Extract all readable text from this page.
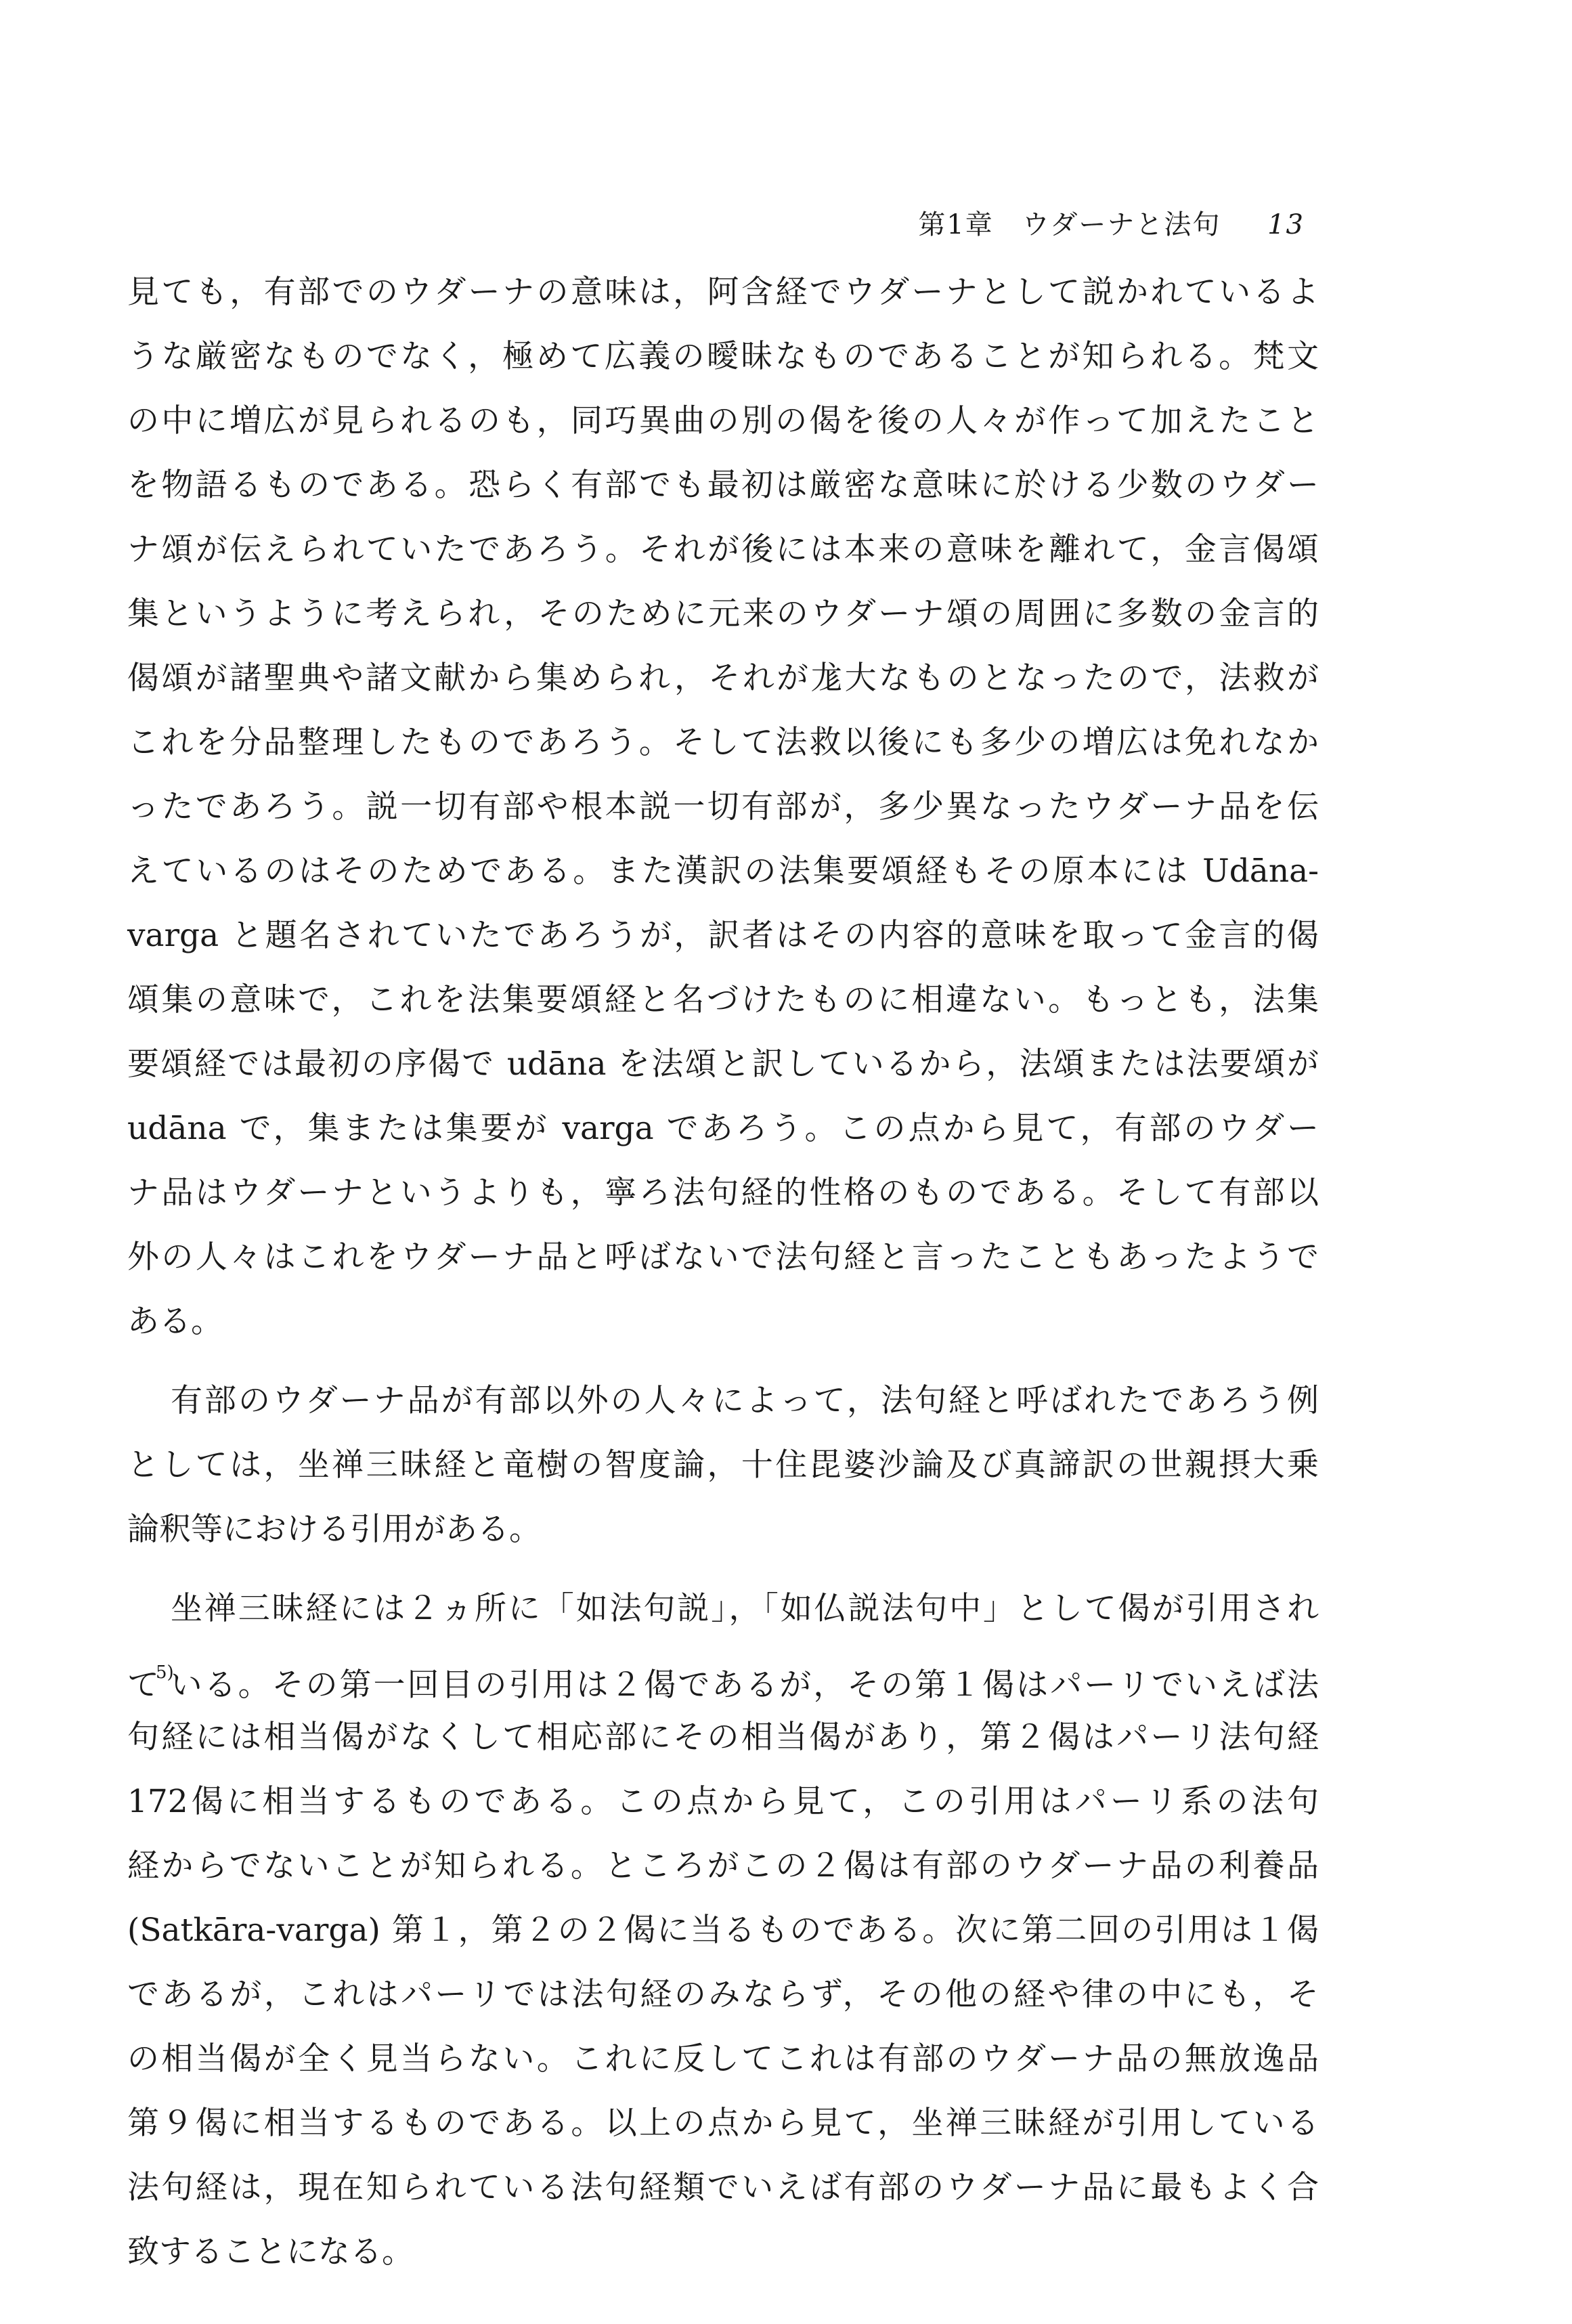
第1章　ウダーナと法句 13
見ても，有部でのウダーナの意味は，阿含経でウダーナとして説かれているよ
うな厳密なものでなく，極めて広義の曖昧なものであることが知られる。梵文
の中に増広が見られるのも，同巧異曲の別の偈を後の人々が作って加えたこと
を物語るものである。恐らく有部でも最初は厳密な意味に於ける少数のウダー
ナ頌が伝えられていたであろう。それが後には本来の意味を離れて，金言偈頌
集というように考えられ，そのために元来のウダーナ頌の周囲に多数の金言的
偈頌が諸聖典や諸文献から集められ，それが尨大なものとなったので，法救が
これを分品整理したものであろう。そして法救以後にも多少の増広は免れなか
ったであろう。説一切有部や根本説一切有部が，多少異なったウダーナ品を伝
えているのはそのためである。また漢訳の法集要頌経もその原本には Udāna-
varga と題名されていたであろうが，訳者はその内容的意味を取って金言的偈
頌集の意味で，これを法集要頌経と名づけたものに相違ない。もっとも，法集
要頌経では最初の序偈で udāna を法頌と訳しているから，法頌または法要頌が
udāna で，集または集要が varga であろう。この点から見て，有部のウダー
ナ品はウダーナというよりも，寧ろ法句経的性格のものである。そして有部以
外の人々はこれをウダーナ品と呼ばないで法句経と言ったこともあったようで
ある。
有部のウダーナ品が有部以外の人々によって，法句経と呼ばれたであろう例
としては，坐禅三昧経と竜樹の智度論，十住毘婆沙論及び真諦訳の世親摂大乗
論釈等における引用がある。
坐禅三昧経には２ヵ所に「如法句説」，「如仏説法句中」として偈が引用され
て$^{5)}$いる。その第一回目の引用は２偈であるが，その第１偈はパーリでいえば法
句経には相当偈がなくして相応部にその相当偈があり，第２偈はパーリ法句経
172偈に相当するものである。この点から見て，この引用はパーリ系の法句
経からでないことが知られる。ところがこの２偈は有部のウダーナ品の利養品
(Satkāra-varga) 第１，第２の２偈に当るものである。次に第二回の引用は１偈
であるが，これはパーリでは法句経のみならず，その他の経や律の中にも，そ
の相当偈が全く見当らない。これに反してこれは有部のウダーナ品の無放逸品
第９偈に相当するものである。以上の点から見て，坐禅三昧経が引用している
法句経は，現在知られている法句経類でいえば有部のウダーナ品に最もよく合
致することになる。
